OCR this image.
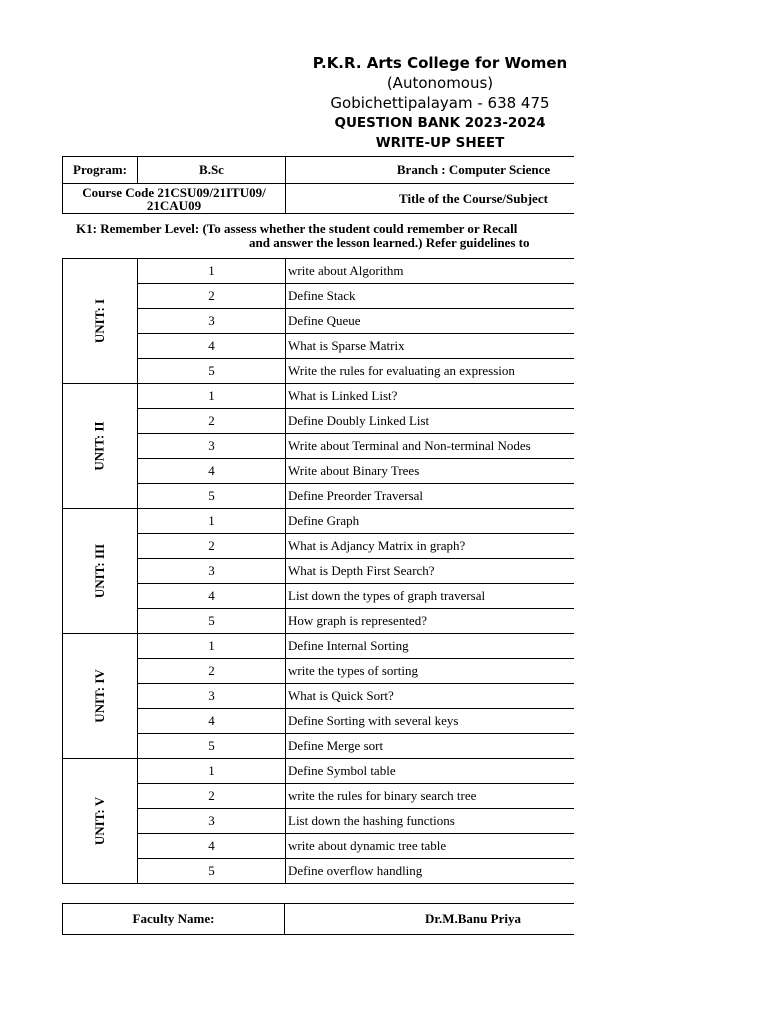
P.K.R. Arts College for Women
(Autonomous)
Gobichettipalayam - 638 475
QUESTION BANK 2023-2024
WRITE-UP SHEET
Program:	B.Sc	Branch : Computer Science

Course Code 21CSU09/21ITU09/
21CAU09		Title of the Course/Subject
K1: Remember Level: (To assess whether the student could remember or Recall
and answer the lesson learned.) Refer guidelines to
UNIT: I	1	write about Algorithm
	2	Define Stack
	3	Define Queue
	4	What is Sparse Matrix
	5	Write the rules for evaluating an expression
UNIT: II	1	What is Linked List?
	2	Define Doubly Linked List
	3	Write about Terminal and Non-terminal Nodes
	4	Write about Binary Trees
	5	Define Preorder Traversal
UNIT: III	1	Define Graph
	2	What is Adjancy Matrix in graph?
	3	What is Depth First Search?
	4	List down the types of graph traversal
	5	How graph is represented?
UNIT: IV	1	Define Internal Sorting
	2	write the types of sorting
	3	What is Quick Sort?
	4	Define Sorting with several keys
	5	Define Merge sort
UNIT: V	1	Define Symbol table
	2	write the rules for binary search tree
	3	List down the hashing functions
	4	write about dynamic tree table
	5	Define overflow handling
Faculty Name:	Dr.M.Banu Priya
